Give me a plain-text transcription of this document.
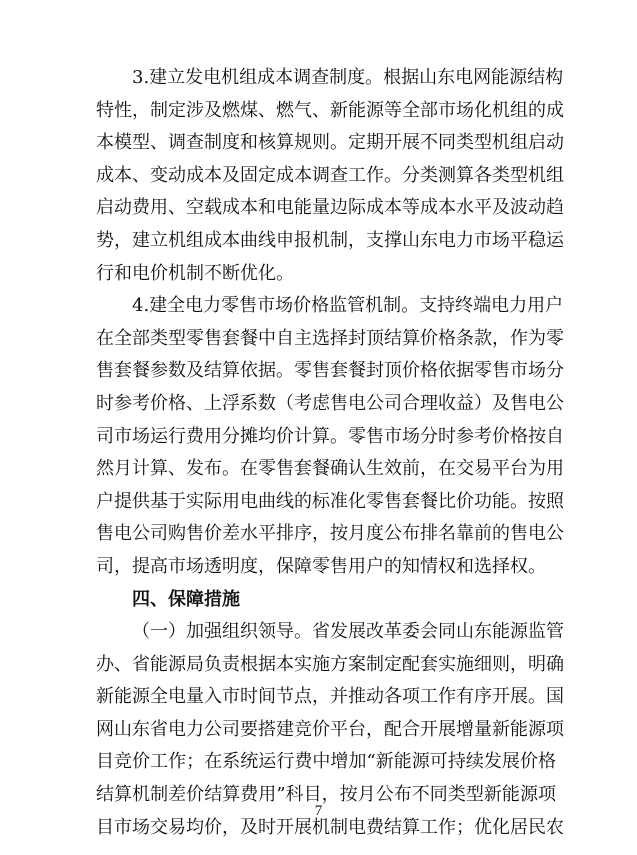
3.建立发电机组成本调查制度。根据山东电网能源结构
特性，制定涉及燃煤、燃气、新能源等全部市场化机组的成
本模型、调查制度和核算规则。定期开展不同类型机组启动
成本、变动成本及固定成本调查工作。分类测算各类型机组
启动费用、空载成本和电能量边际成本等成本水平及波动趋
势，建立机组成本曲线申报机制，支撑山东电力市场平稳运
行和电价机制不断优化。
4.建全电力零售市场价格监管机制。支持终端电力用户
在全部类型零售套餐中自主选择封顶结算价格条款，作为零
售套餐参数及结算依据。零售套餐封顶价格依据零售市场分
时参考价格、上浮系数（考虑售电公司合理收益）及售电公
司市场运行费用分摊均价计算。零售市场分时参考价格按自
然月计算、发布。在零售套餐确认生效前，在交易平台为用
户提供基于实际用电曲线的标准化零售套餐比价功能。按照
售电公司购售价差水平排序，按月度公布排名靠前的售电公
司，提高市场透明度，保障零售用户的知情权和选择权。
四、保障措施
（一）加强组织领导。省发展改革委会同山东能源监管
办、省能源局负责根据本实施方案制定配套实施细则，明确
新能源全电量入市时间节点，并推动各项工作有序开展。国
网山东省电力公司要搭建竞价平台，配合开展增量新能源项
目竞价工作；在系统运行费中增加“新能源可持续发展价格
结算机制差价结算费用”科目，按月公布不同类型新能源项
目市场交易均价，及时开展机制电费结算工作；优化居民农
7
